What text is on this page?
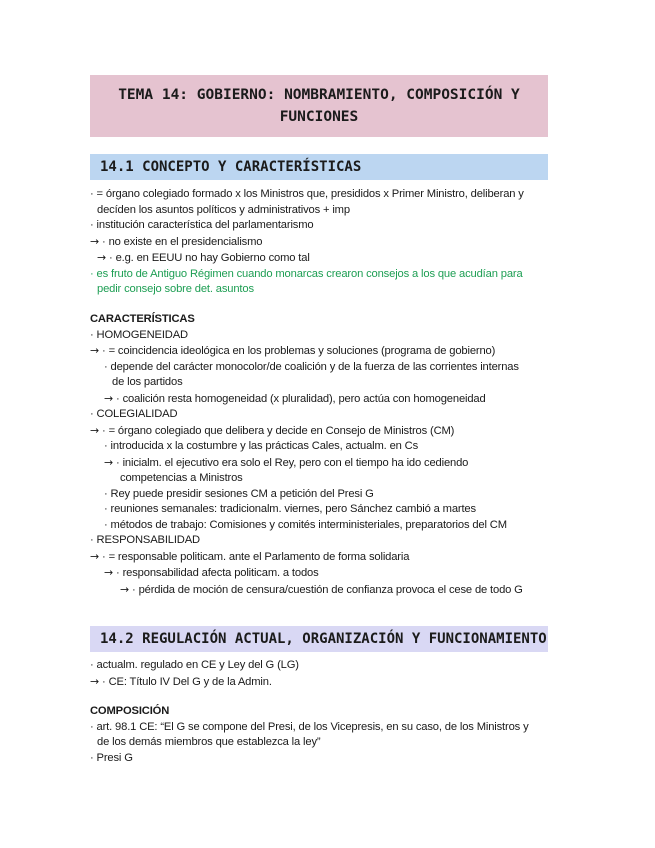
TEMA 14: GOBIERNO: NOMBRAMIENTO, COMPOSICIÓN Y
FUNCIONES
14.1 CONCEPTO Y CARACTERÍSTICAS
· = órgano colegiado formado x los Ministros que, presididos x Primer Ministro, deliberan y
decíden los asuntos políticos y administrativos + imp
· institución característica del parlamentarismo
→ · no existe en el presidencialismo
→ · e.g. en EEUU no hay Gobierno como tal
· es fruto de Antiguo Régimen cuando monarcas crearon consejos a los que acudían para
pedir consejo sobre det. asuntos
CARACTERÍSTICAS
· HOMOGENEIDAD
→ · = coincidencia ideológica en los problemas y soluciones (programa de gobierno)
· depende del carácter monocolor/de coalición y de la fuerza de las corrientes internas
de los partidos
→ · coalición resta homogeneidad (x pluralidad), pero actúa con homogeneidad
· COLEGIALIDAD
→ · = órgano colegiado que delibera y decide en Consejo de Ministros (CM)
· introducida x la costumbre y las prácticas Cales, actualm. en Cs
→ · inicialm. el ejecutivo era solo el Rey, pero con el tiempo ha ido cediendo
competencias a Ministros
· Rey puede presidir sesiones CM a petición del Presi G
· reuniones semanales: tradicionalm. viernes, pero Sánchez cambió a martes
· métodos de trabajo: Comisiones y comités interministeriales, preparatorios del CM
· RESPONSABILIDAD
→ · = responsable politicam. ante el Parlamento de forma solidaria
→ · responsabilidad afecta politicam. a todos
→ · pérdida de moción de censura/cuestión de confianza provoca el cese de todo G
14.2 REGULACIÓN ACTUAL, ORGANIZACIÓN Y FUNCIONAMIENTO
· actualm. regulado en CE y Ley del G (LG)
→ · CE: Título IV Del G y de la Admin.
COMPOSICIÓN
· art. 98.1 CE: “El G se compone del Presi, de los Vicepresis, en su caso, de los Ministros y
de los demás miembros que establezca la ley”
· Presi G
